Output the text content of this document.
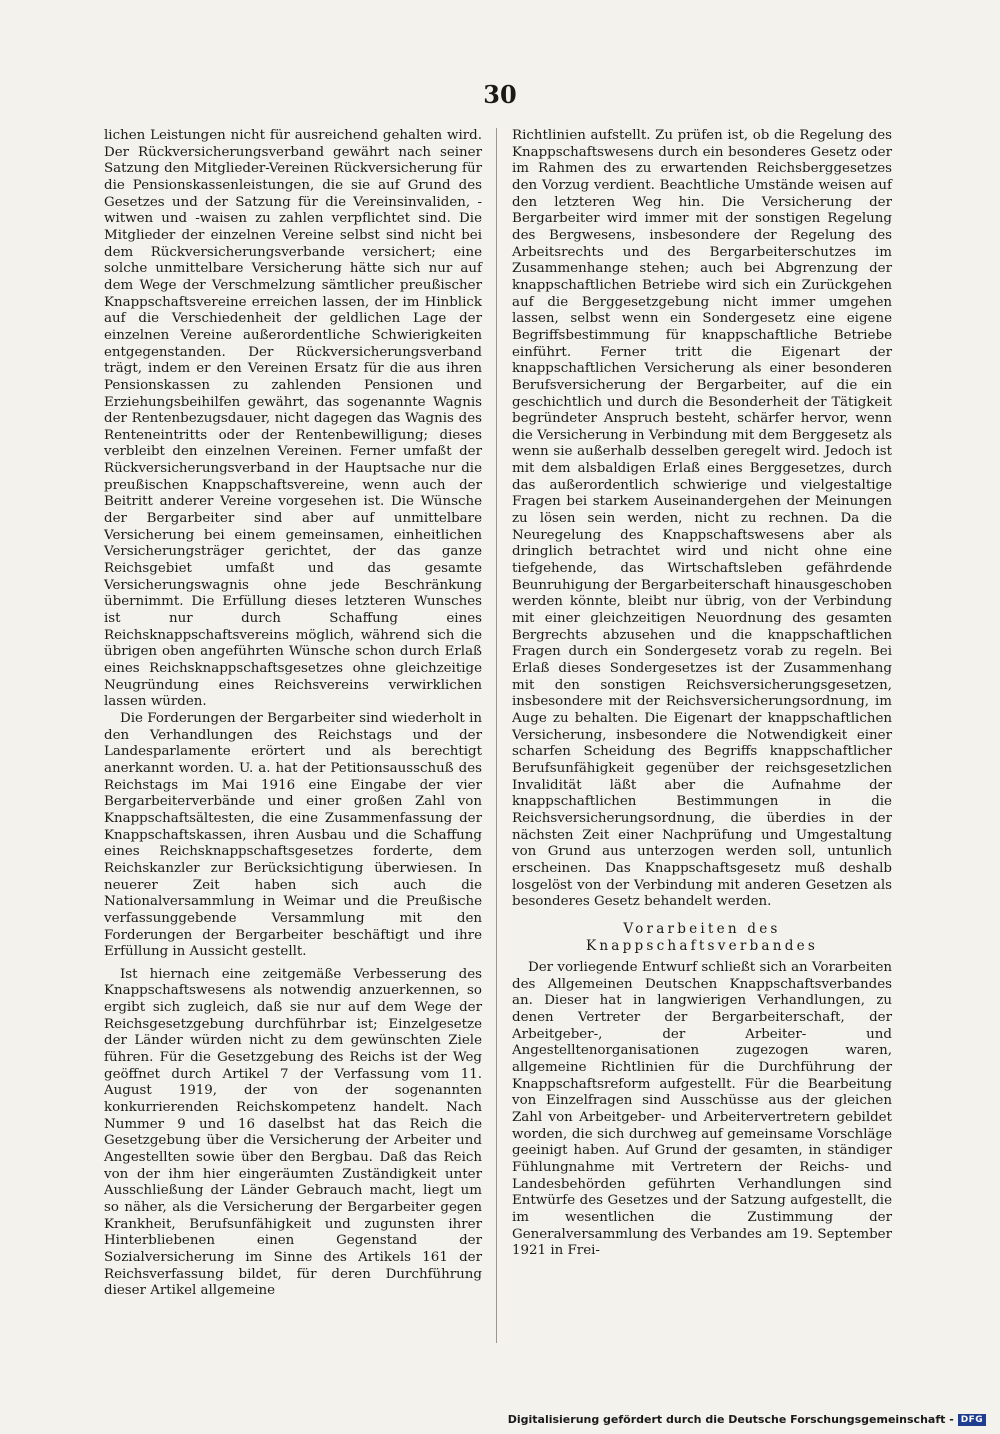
30

lichen Leistungen nicht für ausreichend gehalten wird. Der Rückversicherungsverband gewährt nach seiner Satzung den Mitglieder-Vereinen Rückversicherung für die Pensionskassenleistungen, die sie auf Grund des Gesetzes und der Satzung für die Vereinsinvaliden, -witwen und -waisen zu zahlen verpflichtet sind. Die Mitglieder der einzelnen Vereine selbst sind nicht bei dem Rückversicherungsverbande versichert; eine solche unmittelbare Versicherung hätte sich nur auf dem Wege der Verschmelzung sämtlicher preußischer Knappschaftsvereine erreichen lassen, der im Hinblick auf die Verschiedenheit der geldlichen Lage der einzelnen Vereine außerordentliche Schwierigkeiten entgegenstanden. Der Rückversicherungsverband trägt, indem er den Vereinen Ersatz für die aus ihren Pensionskassen zu zahlenden Pensionen und Erziehungsbeihilfen gewährt, das sogenannte Wagnis der Rentenbezugsdauer, nicht dagegen das Wagnis des Renteneintritts oder der Rentenbewilligung; dieses verbleibt den einzelnen Vereinen. Ferner umfaßt der Rückversicherungsverband in der Hauptsache nur die preußischen Knappschaftsvereine, wenn auch der Beitritt anderer Vereine vorgesehen ist. Die Wünsche der Bergarbeiter sind aber auf unmittelbare Versicherung bei einem gemeinsamen, einheitlichen Versicherungsträger gerichtet, der das ganze Reichsgebiet umfaßt und das gesamte Versicherungswagnis ohne jede Beschränkung übernimmt. Die Erfüllung dieses letzteren Wunsches ist nur durch Schaffung eines Reichsknappschaftsvereins möglich, während sich die übrigen oben angeführten Wünsche schon durch Erlaß eines Reichsknappschaftsgesetzes ohne gleichzeitige Neugründung eines Reichsvereins verwirklichen lassen würden.

Die Forderungen der Bergarbeiter sind wiederholt in den Verhandlungen des Reichstags und der Landesparlamente erörtert und als berechtigt anerkannt worden. U. a. hat der Petitionsausschuß des Reichstags im Mai 1916 eine Eingabe der vier Bergarbeiterverbände und einer großen Zahl von Knappschaftsältesten, die eine Zusammenfassung der Knappschaftskassen, ihren Ausbau und die Schaffung eines Reichsknappschaftsgesetzes forderte, dem Reichskanzler zur Berücksichtigung überwiesen. In neuerer Zeit haben sich auch die Nationalversammlung in Weimar und die Preußische verfassunggebende Versammlung mit den Forderungen der Bergarbeiter beschäftigt und ihre Erfüllung in Aussicht gestellt.

Ist hiernach eine zeitgemäße Verbesserung des Knappschaftswesens als notwendig anzuerkennen, so ergibt sich zugleich, daß sie nur auf dem Wege der Reichsgesetzgebung durchführbar ist; Einzelgesetze der Länder würden nicht zu dem gewünschten Ziele führen. Für die Gesetzgebung des Reichs ist der Weg geöffnet durch Artikel 7 der Verfassung vom 11. August 1919, der von der sogenannten konkurrierenden Reichskompetenz handelt. Nach Nummer 9 und 16 daselbst hat das Reich die Gesetzgebung über die Versicherung der Arbeiter und Angestellten sowie über den Bergbau. Daß das Reich von der ihm hier eingeräumten Zuständigkeit unter Ausschließung der Länder Gebrauch macht, liegt um so näher, als die Versicherung der Bergarbeiter gegen Krankheit, Berufsunfähigkeit und zugunsten ihrer Hinterbliebenen einen Gegenstand der Sozialversicherung im Sinne des Artikels 161 der Reichsverfassung bildet, für deren Durchführung dieser Artikel allgemeine

Richtlinien aufstellt. Zu prüfen ist, ob die Regelung des Knappschaftswesens durch ein besonderes Gesetz oder im Rahmen des zu erwartenden Reichsberggesetzes den Vorzug verdient. Beachtliche Umstände weisen auf den letzteren Weg hin. Die Versicherung der Bergarbeiter wird immer mit der sonstigen Regelung des Bergwesens, insbesondere der Regelung des Arbeitsrechts und des Bergarbeiterschutzes im Zusammenhange stehen; auch bei Abgrenzung der knappschaftlichen Betriebe wird sich ein Zurückgehen auf die Berggesetzgebung nicht immer umgehen lassen, selbst wenn ein Sondergesetz eine eigene Begriffsbestimmung für knappschaftliche Betriebe einführt. Ferner tritt die Eigenart der knappschaftlichen Versicherung als einer besonderen Berufsversicherung der Bergarbeiter, auf die ein geschichtlich und durch die Besonderheit der Tätigkeit begründeter Anspruch besteht, schärfer hervor, wenn die Versicherung in Verbindung mit dem Berggesetz als wenn sie außerhalb desselben geregelt wird. Jedoch ist mit dem alsbaldigen Erlaß eines Berggesetzes, durch das außerordentlich schwierige und vielgestaltige Fragen bei starkem Auseinandergehen der Meinungen zu lösen sein werden, nicht zu rechnen. Da die Neuregelung des Knappschaftswesens aber als dringlich betrachtet wird und nicht ohne eine tiefgehende, das Wirtschaftsleben gefährdende Beunruhigung der Bergarbeiterschaft hinausgeschoben werden könnte, bleibt nur übrig, von der Verbindung mit einer gleichzeitigen Neuordnung des gesamten Bergrechts abzusehen und die knappschaftlichen Fragen durch ein Sondergesetz vorab zu regeln. Bei Erlaß dieses Sondergesetzes ist der Zusammenhang mit den sonstigen Reichsversicherungsgesetzen, insbesondere mit der Reichsversicherungsordnung, im Auge zu behalten. Die Eigenart der knappschaftlichen Versicherung, insbesondere die Notwendigkeit einer scharfen Scheidung des Begriffs knappschaftlicher Berufsunfähigkeit gegenüber der reichsgesetzlichen Invalidität läßt aber die Aufnahme der knappschaftlichen Bestimmungen in die Reichsversicherungsordnung, die überdies in der nächsten Zeit einer Nachprüfung und Umgestaltung von Grund aus unterzogen werden soll, untunlich erscheinen. Das Knappschaftsgesetz muß deshalb losgelöst von der Verbindung mit anderen Gesetzen als besonderes Gesetz behandelt werden.

Vorarbeiten des Knappschaftsverbandes

Der vorliegende Entwurf schließt sich an Vorarbeiten des Allgemeinen Deutschen Knappschaftsverbandes an. Dieser hat in langwierigen Verhandlungen, zu denen Vertreter der Bergarbeiterschaft, der Arbeitgeber-, der Arbeiter- und Angestelltenorganisationen zugezogen waren, allgemeine Richtlinien für die Durchführung der Knappschaftsreform aufgestellt. Für die Bearbeitung von Einzelfragen sind Ausschüsse aus der gleichen Zahl von Arbeitgeber- und Arbeitervertretern gebildet worden, die sich durchweg auf gemeinsame Vorschläge geeinigt haben. Auf Grund der gesamten, in ständiger Fühlungnahme mit Vertretern der Reichs- und Landesbehörden geführten Verhandlungen sind Entwürfe des Gesetzes und der Satzung aufgestellt, die im wesentlichen die Zustimmung der Generalversammlung des Verbandes am 19. September 1921 in Frei-

Digitalisierung gefördert durch die Deutsche Forschungsgemeinschaft - DFG
